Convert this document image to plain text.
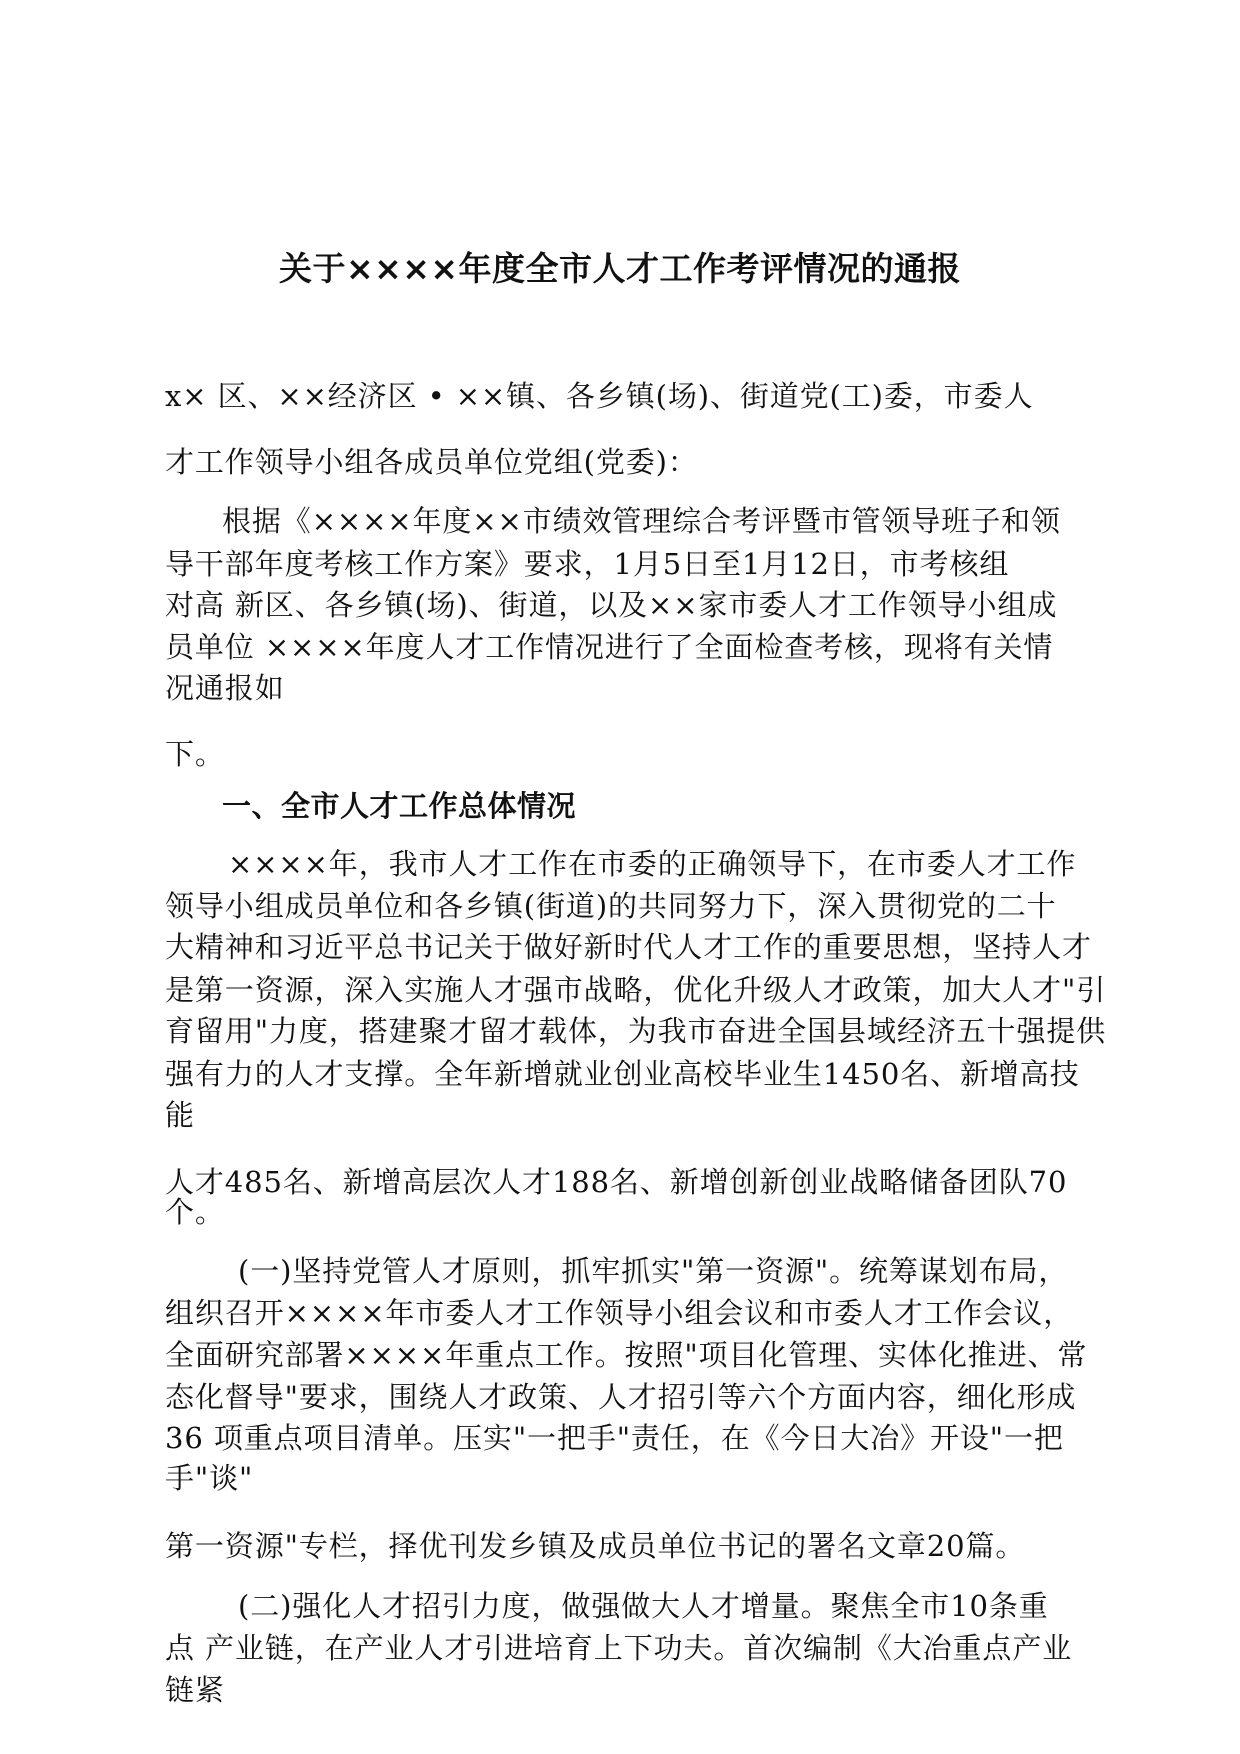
关于××××年度全市人才工作考评情况的通报
x× 区、××经济区 • ××镇、各乡镇(场)、街道党(工)委，市委人
才工作领导小组各成员单位党组(党委)：
根据《××××年度××市绩效管理综合考评暨市管领导班子和领
导干部年度考核工作方案》要求，1月5日至1月12日，市考核组
对高 新区、各乡镇(场)、街道，以及××家市委人才工作领导小组成
员单位 ××××年度人才工作情况进行了全面检查考核，现将有关情
况通报如
下。
一、全市人才工作总体情况
××××年，我市人才工作在市委的正确领导下，在市委人才工作
领导小组成员单位和各乡镇(街道)的共同努力下，深入贯彻党的二十
大精神和习近平总书记关于做好新时代人才工作的重要思想，坚持人才
是第一资源，深入实施人才强市战略，优化升级人才政策，加大人才"引
育留用"力度，搭建聚才留才载体，为我市奋进全国县域经济五十强提供
强有力的人才支撑。全年新增就业创业高校毕业生1450名、新增高技
能
人才485名、新增高层次人才188名、新增创新创业战略储备团队70
个。
(一)坚持党管人才原则，抓牢抓实"第一资源"。统筹谋划布局，
组织召开××××年市委人才工作领导小组会议和市委人才工作会议，
全面研究部署××××年重点工作。按照"项目化管理、实体化推进、常
态化督导"要求，围绕人才政策、人才招引等六个方面内容，细化形成
36 项重点项目清单。压实"一把手"责任，在《今日大冶》开设"一把
手"谈"
第一资源"专栏，择优刊发乡镇及成员单位书记的署名文章20篇。
(二)强化人才招引力度，做强做大人才增量。聚焦全市10条重
点 产业链，在产业人才引进培育上下功夫。首次编制《大冶重点产业
链紧
